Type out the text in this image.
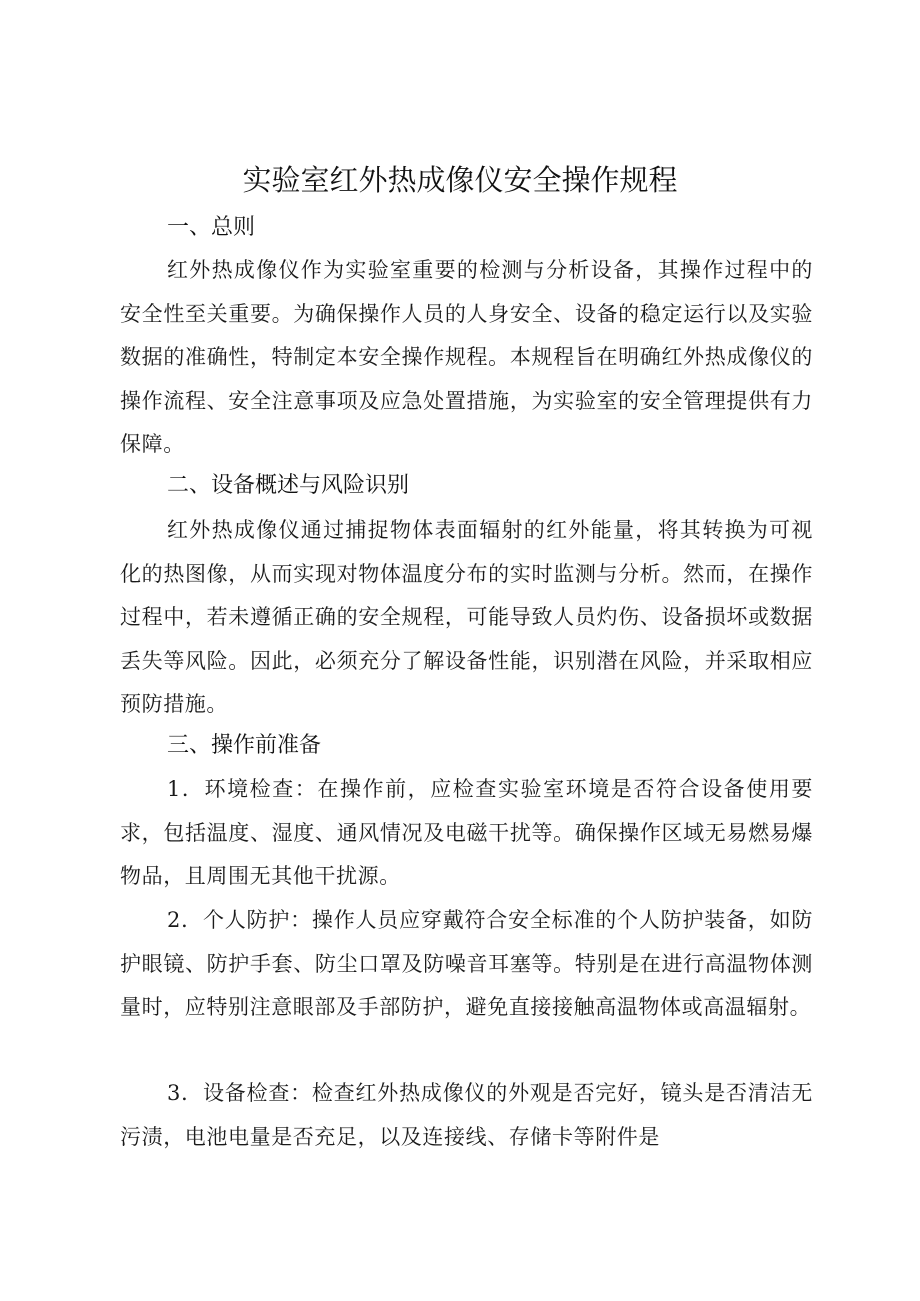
实验室红外热成像仪安全操作规程
一、总则

红外热成像仪作为实验室重要的检测与分析设备，其操作过程中的安全性至关重要。为确保操作人员的人身安全、设备的稳定运行以及实验数据的准确性，特制定本安全操作规程。本规程旨在明确红外热成像仪的操作流程、安全注意事项及应急处置措施，为实验室的安全管理提供有力保障。

二、设备概述与风险识别

红外热成像仪通过捕捉物体表面辐射的红外能量，将其转换为可视化的热图像，从而实现对物体温度分布的实时监测与分析。然而，在操作过程中，若未遵循正确的安全规程，可能导致人员灼伤、设备损坏或数据丢失等风险。因此，必须充分了解设备性能，识别潜在风险，并采取相应预防措施。

三、操作前准备

1．环境检查：在操作前，应检查实验室环境是否符合设备使用要求，包括温度、湿度、通风情况及电磁干扰等。确保操作区域无易燃易爆物品，且周围无其他干扰源。

2．个人防护：操作人员应穿戴符合安全标准的个人防护装备，如防护眼镜、防护手套、防尘口罩及防噪音耳塞等。特别是在进行高温物体测量时，应特别注意眼部及手部防护，避免直接接触高温物体或高温辐射。

3．设备检查：检查红外热成像仪的外观是否完好，镜头是否清洁无污渍，电池电量是否充足，以及连接线、存储卡等附件是
